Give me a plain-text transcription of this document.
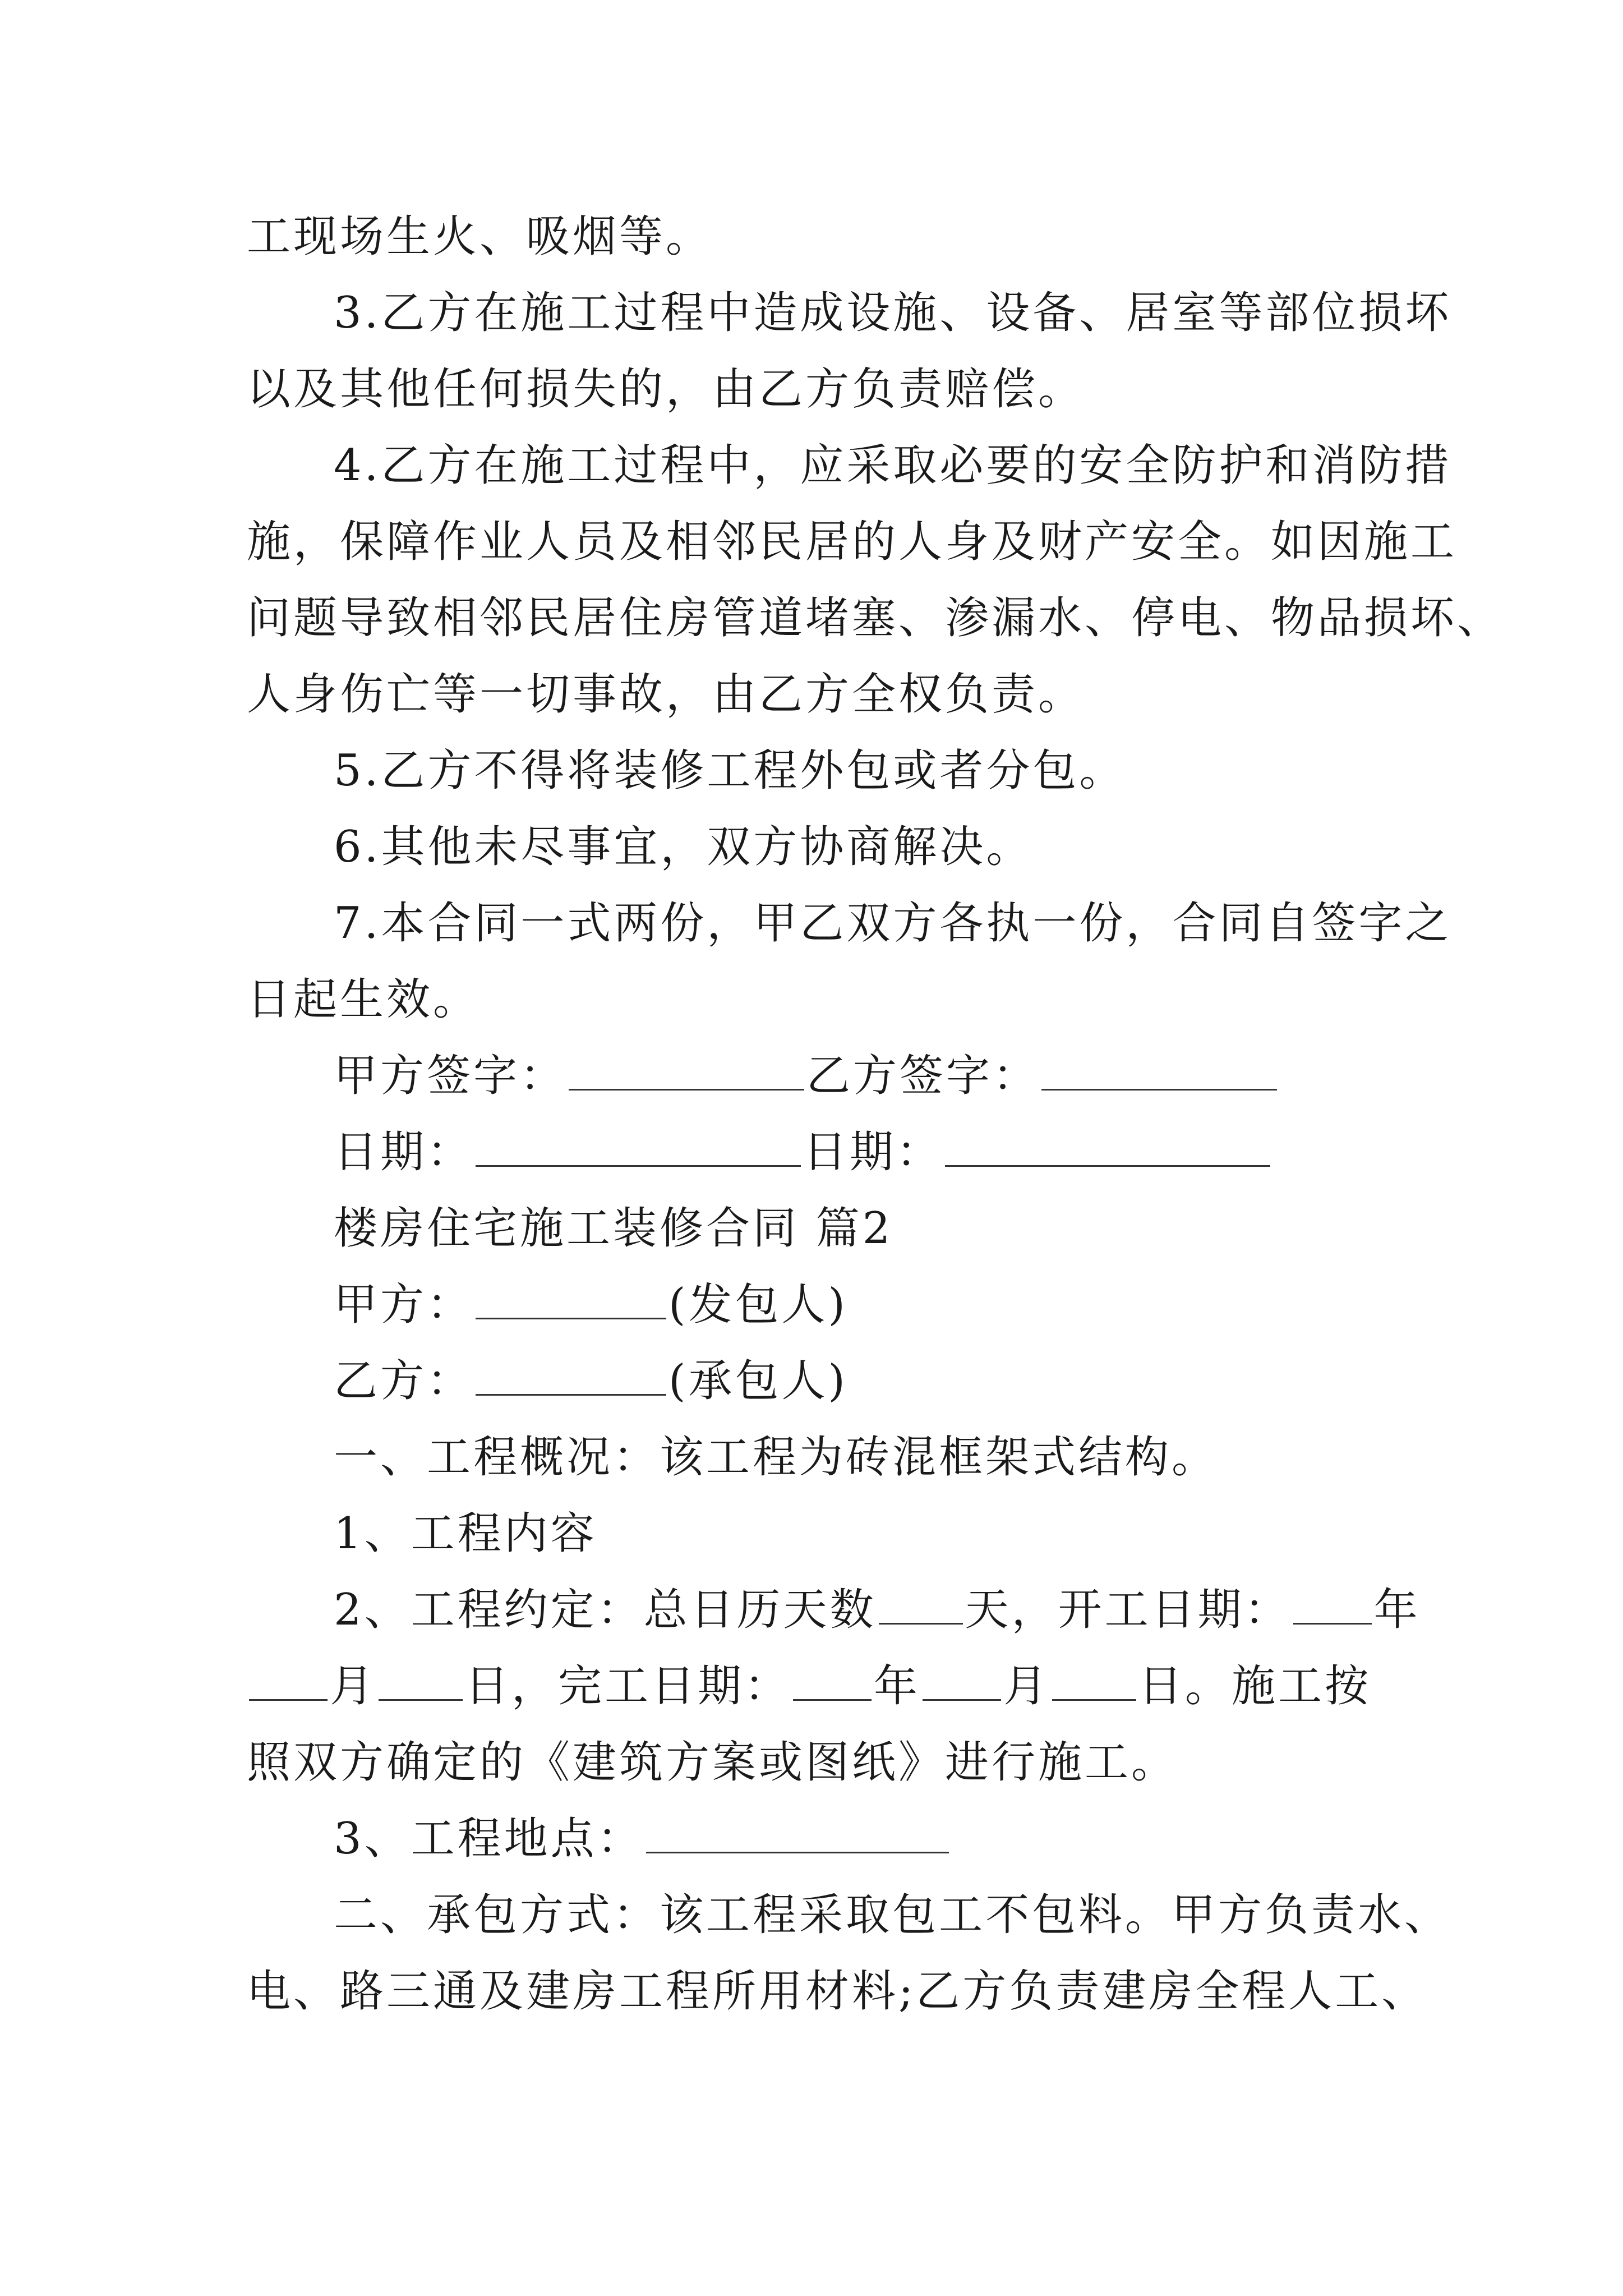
工现场生火、吸烟等。
3.乙方在施工过程中造成设施、设备、居室等部位损坏
以及其他任何损失的，由乙方负责赔偿。
4.乙方在施工过程中，应采取必要的安全防护和消防措
施，保障作业人员及相邻民居的人身及财产安全。如因施工
问题导致相邻民居住房管道堵塞、渗漏水、停电、物品损坏、
人身伤亡等一切事故，由乙方全权负责。
5.乙方不得将装修工程外包或者分包。
6.其他未尽事宜，双方协商解决。
7.本合同一式两份，甲乙双方各执一份，合同自签字之
日起生效。
甲方签字：	乙方签字：
日期：	日期：
楼房住宅施工装修合同 篇2
甲方：	(发包人)
乙方：	(承包人)
一、工程概况：该工程为砖混框架式结构。
1、工程内容
2、工程约定：总日历天数 天，开工日期： 年
月 日，完工日期： 年 月 日。施工按
照双方确定的《建筑方案或图纸》进行施工。
3、工程地点：
二、承包方式：该工程采取包工不包料。甲方负责水、
电、路三通及建房工程所用材料;乙方负责建房全程人工、
